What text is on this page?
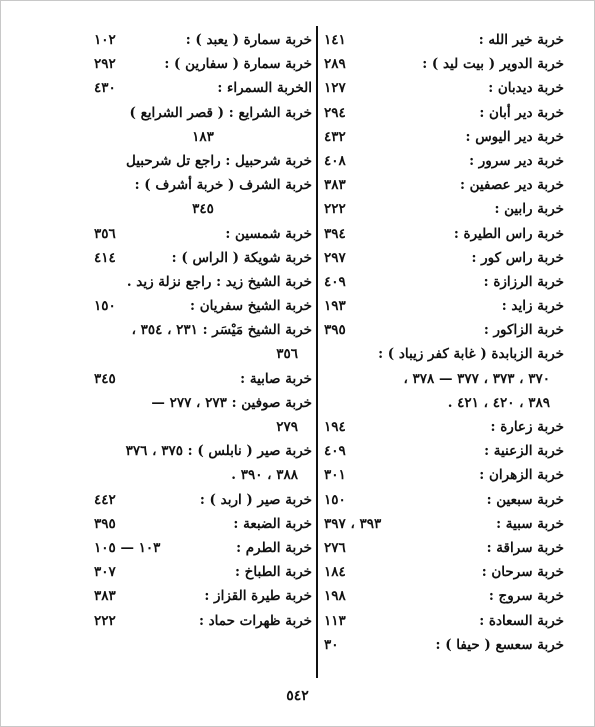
خربة خير الله :
١٤١
خربة الدوير ( بيت ليد ) :
٢٨٩
خربة ديدبان :
١٢٧
خربة دير أبان :
٢٩٤
خربة دير اليوس :
٤٣٢
خربة دير سرور :
٤٠٨
خربة دير عصفين :
٣٨٣
خربة رابين :
٢٢٢
خربة راس الطيرة :
٣٩٤
خربة راس كور :
٢٩٧
خربة الرزازة :
٤٠٩
خربة زايد :
١٩٣
خربة الزاكور :
٣٩٥
خربة الزبابدة ( غابة كفر زيباد ) :
٣٧٠ ، ٣٧٣ ، ٣٧٧ — ٣٧٨ ،
٣٨٩ ، ٤٢٠ ، ٤٢١ .
خربة زعارة :
١٩٤
خربة الزعنية :
٤٠٩
خربة الزهران :
٣٠١
خربة سبعين :
١٥٠
خربة سبية :
٣٩٣ ، ٣٩٧
خربة سراقة :
٢٧٦
خربة سرحان :
١٨٤
خربة سروج :
١٩٨
خربة السعادة :
١١٣
خربة سعسع ( حيفا ) :
٣٠
خربة سمارة ( يعبد ) :
١٠٢
خربة سمارة ( سفارين ) :
٢٩٢
الخربة السمراء :
٤٣٠
خربة الشرايع : ( قصر الشرايع )
١٨٣
خربة شرحبيل : راجع تل شرحبيل
خربة الشرف ( خربة أشرف ) :
٣٤٥
خربة شمسين :
٣٥٦
خربة شويكة ( الراس ) :
٤١٤
خربة الشيخ زيد : راجع نزلة زيد .
خربة الشيخ سفريان :
١٥٠
خربة الشيخ مَيْسَر : ٢٣١ ، ٣٥٤ ،
٣٥٦
خربة صابية :
٣٤٥
خربة صوفين : ٢٧٣ ، ٢٧٧ —
٢٧٩
خربة صير ( نابلس ) : ٣٧٥ ، ٣٧٦
٣٨٨ ، ٣٩٠ .
خربة صير ( اربد ) :
٤٤٢
خربة الضبعة :
٣٩٥
خربة الطرم :
١٠٣ — ١٠٥
خربة الطباخ :
٣٠٧
خربة طيرة القزاز :
٣٨٣
خربة ظهرات حماد :
٢٢٢
٥٤٢
